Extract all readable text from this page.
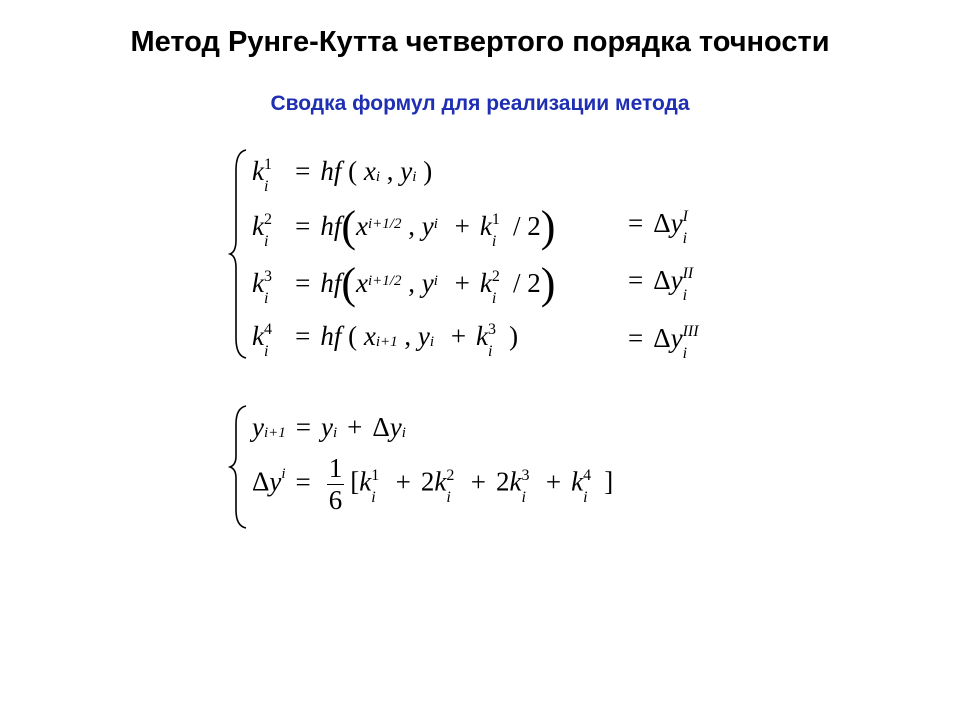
Метод Рунге-Кутта четвертого порядка точности
Сводка формул для реализации метода
k 1
i
= hf ( xi , yi )
k 2
i
= hf(xi+1/2 , yi + k 1
i
/ 2)	= Δy I
i
k 3
i
= hf(xi+1/2 , yi + k 2
i
/ 2)	= Δy II
i
k 4
i
= hf ( xi+1 , yi + k 3
i
)	= Δy III
i
yi+1 = yi + Δyi
$\Delta yi = \frac{1}{6} [k$ 1
i
+ 2k 2
i
+ 2k 3
i
+ k 4
i
]
